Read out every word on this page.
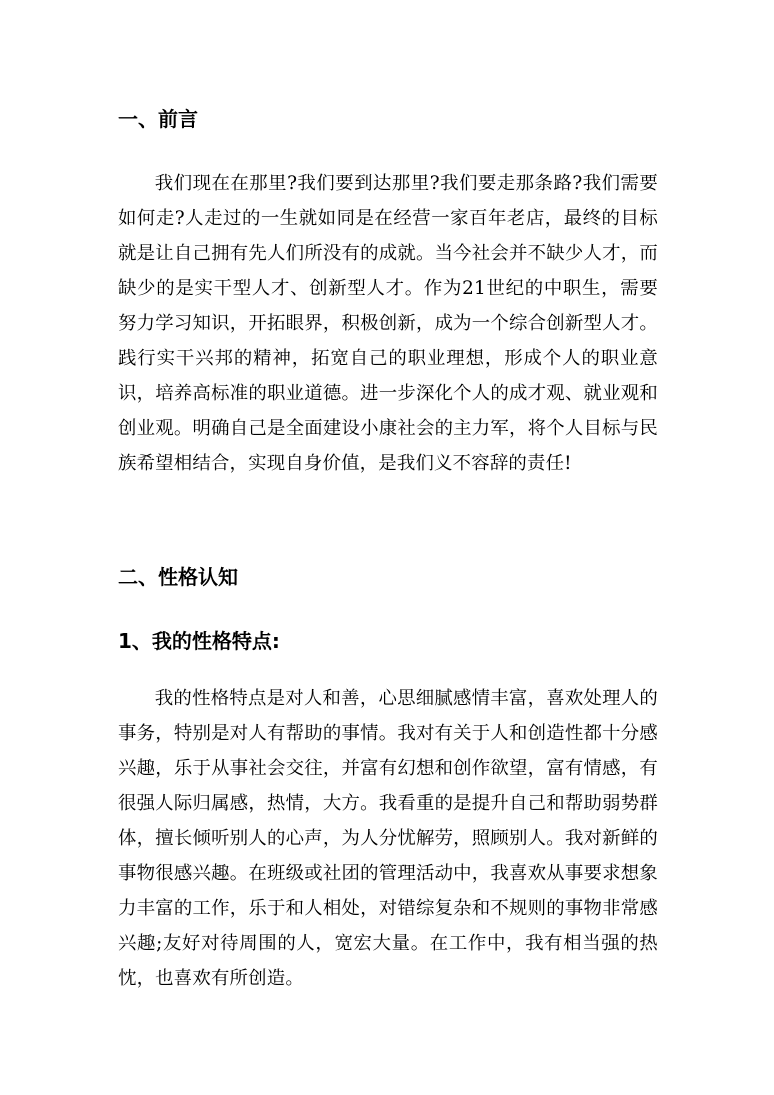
一、前言
我们现在在那里?我们要到达那里?我们要走那条路?我们需要如何走?人走过的一生就如同是在经营一家百年老店，最终的目标就是让自己拥有先人们所没有的成就。当今社会并不缺少人才，而缺少的是实干型人才、创新型人才。作为21世纪的中职生，需要努力学习知识，开拓眼界，积极创新，成为一个综合创新型人才。践行实干兴邦的精神，拓宽自己的职业理想，形成个人的职业意识，培养高标准的职业道德。进一步深化个人的成才观、就业观和创业观。明确自己是全面建设小康社会的主力军，将个人目标与民族希望相结合，实现自身价值，是我们义不容辞的责任!
二、性格认知
1、我的性格特点:
我的性格特点是对人和善，心思细腻感情丰富，喜欢处理人的事务，特别是对人有帮助的事情。我对有关于人和创造性都十分感兴趣，乐于从事社会交往，并富有幻想和创作欲望，富有情感，有很强人际归属感，热情，大方。我看重的是提升自己和帮助弱势群体，擅长倾听别人的心声，为人分忧解劳，照顾别人。我对新鲜的事物很感兴趣。在班级或社团的管理活动中，我喜欢从事要求想象力丰富的工作，乐于和人相处，对错综复杂和不规则的事物非常感兴趣;友好对待周围的人，宽宏大量。在工作中，我有相当强的热忱，也喜欢有所创造。
